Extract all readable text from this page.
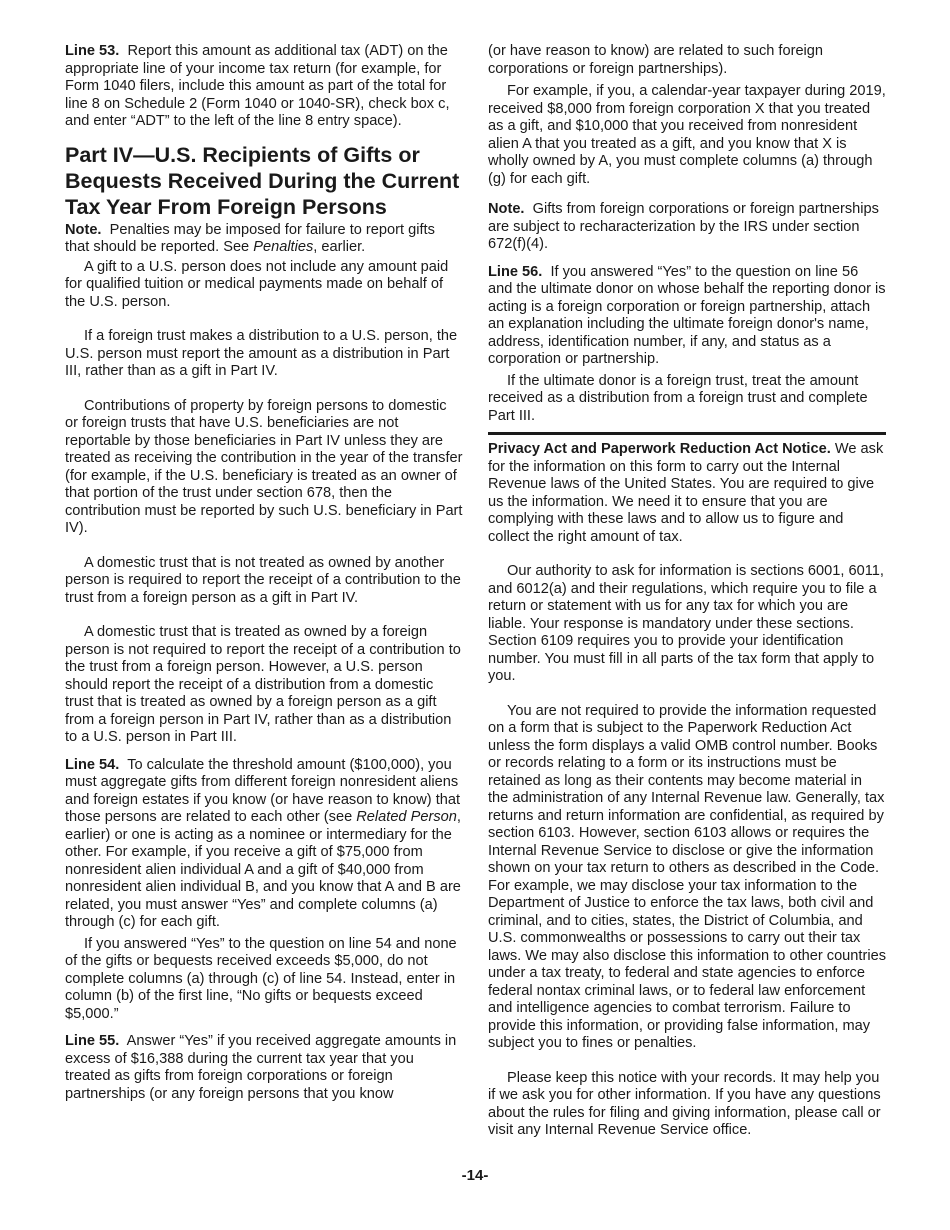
Line 53. Report this amount as additional tax (ADT) on the appropriate line of your income tax return (for example, for Form 1040 filers, include this amount as part of the total for line 8 on Schedule 2 (Form 1040 or 1040-SR), check box c, and enter “ADT” to the left of the line 8 entry space).

Part IV—U.S. Recipients of Gifts or Bequests Received During the Current Tax Year From Foreign Persons

Note. Penalties may be imposed for failure to report gifts that should be reported. See Penalties, earlier.

A gift to a U.S. person does not include any amount paid for qualified tuition or medical payments made on behalf of the U.S. person.

If a foreign trust makes a distribution to a U.S. person, the U.S. person must report the amount as a distribution in Part III, rather than as a gift in Part IV.

Contributions of property by foreign persons to domestic or foreign trusts that have U.S. beneficiaries are not reportable by those beneficiaries in Part IV unless they are treated as receiving the contribution in the year of the transfer (for example, if the U.S. beneficiary is treated as an owner of that portion of the trust under section 678, then the contribution must be reported by such U.S. beneficiary in Part IV).

A domestic trust that is not treated as owned by another person is required to report the receipt of a contribution to the trust from a foreign person as a gift in Part IV.

A domestic trust that is treated as owned by a foreign person is not required to report the receipt of a contribution to the trust from a foreign person. However, a U.S. person should report the receipt of a distribution from a domestic trust that is treated as owned by a foreign person as a gift from a foreign person in Part IV, rather than as a distribution to a U.S. person in Part III.

Line 54. To calculate the threshold amount ($100,000), you must aggregate gifts from different foreign nonresident aliens and foreign estates if you know (or have reason to know) that those persons are related to each other (see Related Person, earlier) or one is acting as a nominee or intermediary for the other. For example, if you receive a gift of $75,000 from nonresident alien individual A and a gift of $40,000 from nonresident alien individual B, and you know that A and B are related, you must answer “Yes” and complete columns (a) through (c) for each gift.

If you answered “Yes” to the question on line 54 and none of the gifts or bequests received exceeds $5,000, do not complete columns (a) through (c) of line 54. Instead, enter in column (b) of the first line, “No gifts or bequests exceed $5,000.”

Line 55. Answer “Yes” if you received aggregate amounts in excess of $16,388 during the current tax year that you treated as gifts from foreign corporations or foreign partnerships (or any foreign persons that you know

(or have reason to know) are related to such foreign corporations or foreign partnerships).

For example, if you, a calendar-year taxpayer during 2019, received $8,000 from foreign corporation X that you treated as a gift, and $10,000 that you received from nonresident alien A that you treated as a gift, and you know that X is wholly owned by A, you must complete columns (a) through (g) for each gift.

Note. Gifts from foreign corporations or foreign partnerships are subject to recharacterization by the IRS under section 672(f)(4).

Line 56. If you answered “Yes” to the question on line 56 and the ultimate donor on whose behalf the reporting donor is acting is a foreign corporation or foreign partnership, attach an explanation including the ultimate foreign donor's name, address, identification number, if any, and status as a corporation or partnership.

If the ultimate donor is a foreign trust, treat the amount received as a distribution from a foreign trust and complete Part III.

Privacy Act and Paperwork Reduction Act Notice. We ask for the information on this form to carry out the Internal Revenue laws of the United States. You are required to give us the information. We need it to ensure that you are complying with these laws and to allow us to figure and collect the right amount of tax.

Our authority to ask for information is sections 6001, 6011, and 6012(a) and their regulations, which require you to file a return or statement with us for any tax for which you are liable. Your response is mandatory under these sections. Section 6109 requires you to provide your identification number. You must fill in all parts of the tax form that apply to you.

You are not required to provide the information requested on a form that is subject to the Paperwork Reduction Act unless the form displays a valid OMB control number. Books or records relating to a form or its instructions must be retained as long as their contents may become material in the administration of any Internal Revenue law. Generally, tax returns and return information are confidential, as required by section 6103. However, section 6103 allows or requires the Internal Revenue Service to disclose or give the information shown on your tax return to others as described in the Code. For example, we may disclose your tax information to the Department of Justice to enforce the tax laws, both civil and criminal, and to cities, states, the District of Columbia, and U.S. commonwealths or possessions to carry out their tax laws. We may also disclose this information to other countries under a tax treaty, to federal and state agencies to enforce federal nontax criminal laws, or to federal law enforcement and intelligence agencies to combat terrorism. Failure to provide this information, or providing false information, may subject you to fines or penalties.

Please keep this notice with your records. It may help you if we ask you for other information. If you have any questions about the rules for filing and giving information, please call or visit any Internal Revenue Service office.

-14-
